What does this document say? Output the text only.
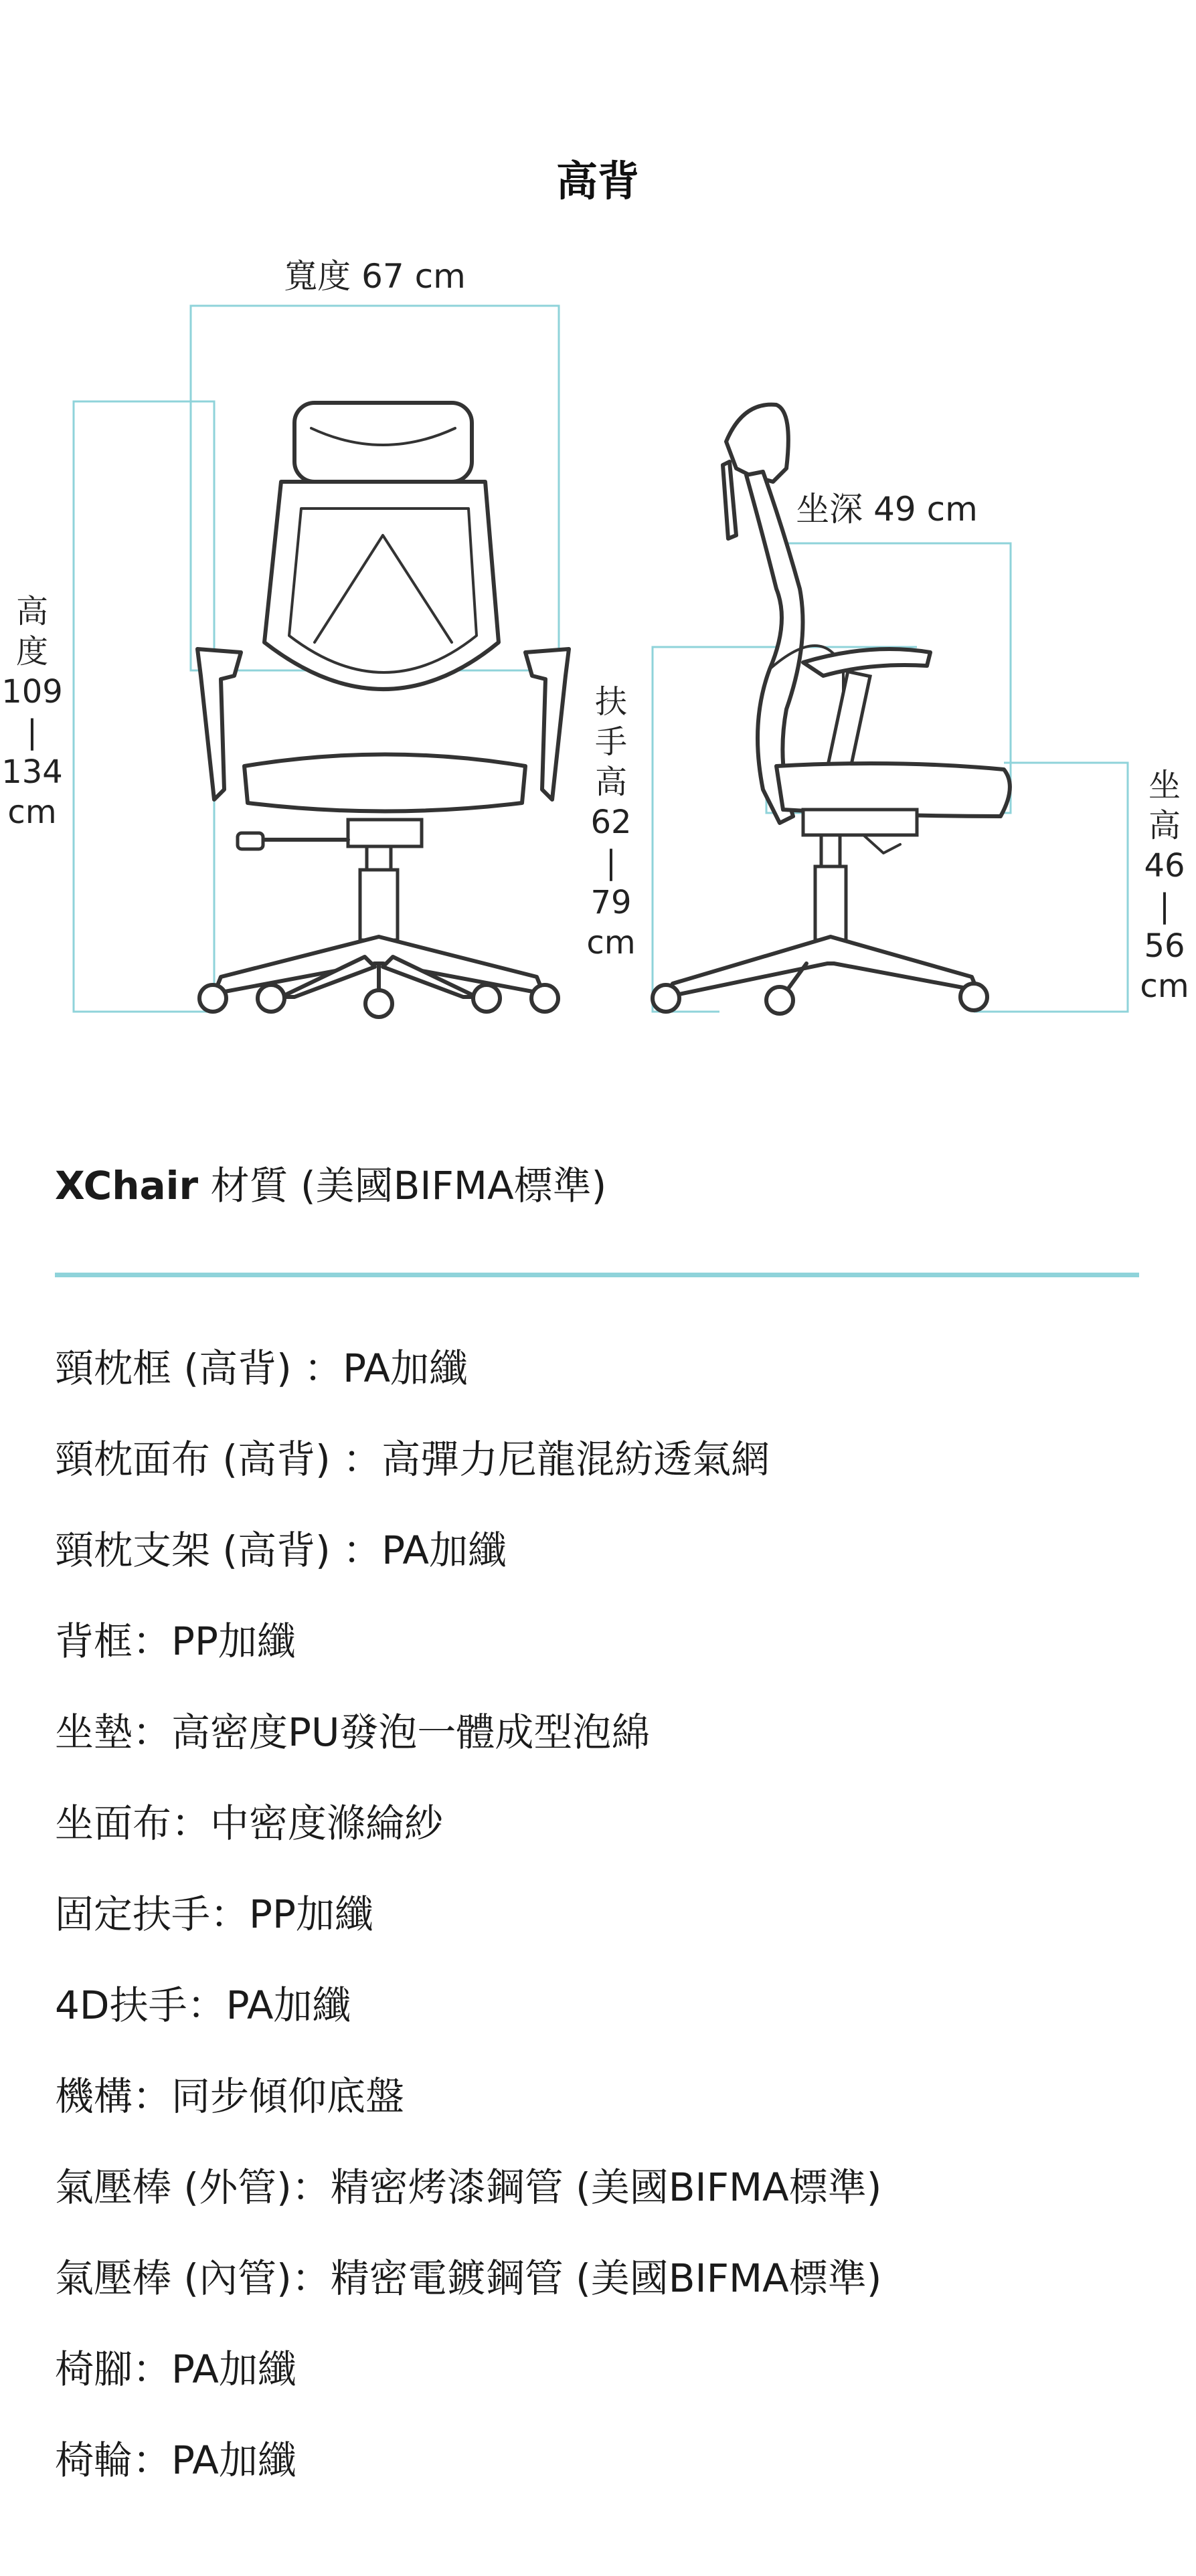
高背
寬度 67 cm
高
度
109
|
134
cm
坐深 49 cm
扶
手
高
62
|
79
cm
坐
高
46
|
56
cm
XChair 材質 (美國BIFMA標準)
頸枕框 (高背) ：PA加纖
頸枕面布 (高背) ：高彈力尼龍混紡透氣網
頸枕支架 (高背) ：PA加纖
背框：PP加纖
坐墊：高密度PU發泡一體成型泡綿
坐面布：中密度滌綸紗
固定扶手：PP加纖
4D扶手：PA加纖
機構：同步傾仰底盤
氣壓棒 (外管)：精密烤漆鋼管 (美國BIFMA標準)
氣壓棒 (內管)：精密電鍍鋼管 (美國BIFMA標準)
椅腳：PA加纖
椅輪：PA加纖
